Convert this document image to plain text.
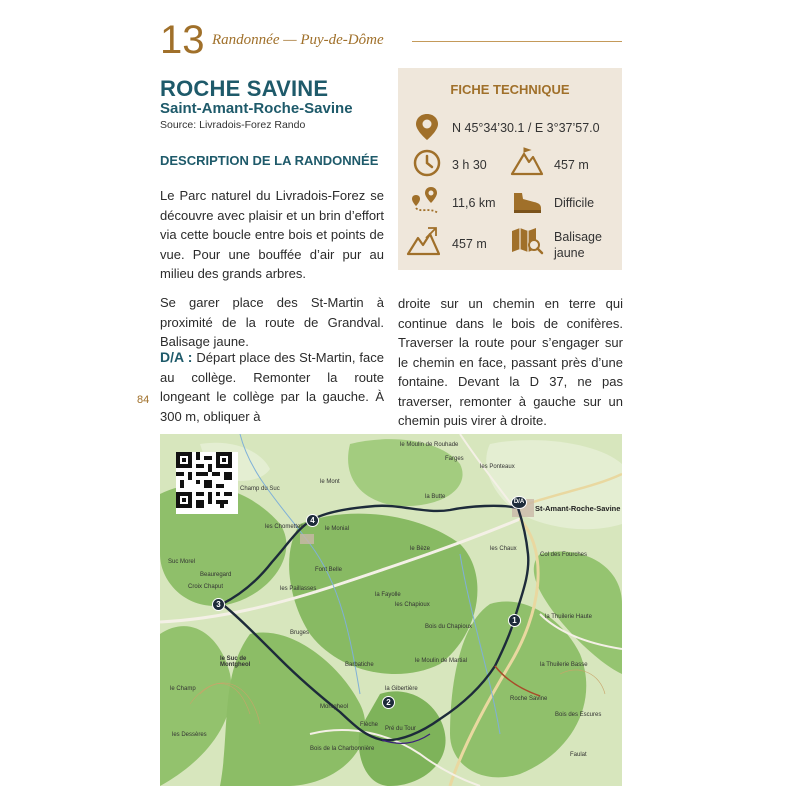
13 Randonnée — Puy-de-Dôme
ROCHE SAVINE
Saint-Amant-Roche-Savine
Source: Livradois-Forez Rando
DESCRIPTION DE LA RANDONNÉE
Le Parc naturel du Livradois-Forez se découvre avec plaisir et un brin d’effort via cette boucle entre bois et points de vue. Pour une bouffée d’air pur au milieu des grands arbres.
Se garer place des St-Martin à proximité de la route de Grandval. Balisage jaune.
D/A : Départ place des St-Martin, face au collège. Remonter la route longeant le collège par la gauche. À 300 m, obliquer à
droite sur un chemin en terre qui continue dans le bois de conifères. Traverser la route pour s’engager sur le chemin en face, passant près d’une fontaine. Devant la D 37, ne pas traverser, remonter à gauche sur un chemin puis virer à droite.
84
FICHE TECHNIQUE
N 45°34’30.1 / E 3°37’57.0
3 h 30	457 m
11,6 km	Difficile
457 m	Balisage jaune
D/A
1
2
3
4
St-Amant-Roche-Savine
le Moulin de Rouhade
Farges
les Ponteaux
Champ du Suc
le Mont
les Chomettes	le Monial
la Butte
Suc Morel
Beauregard
les Paillasses
Font Belle
le Bèze	les Chaux
la Fayolle
Col des Fourches
Croix Chaput
les Chapioux
Bois du Chapioux
la Thuilerie Haute
le Suc de Montgheol	Barbatiche
Bruges
le Moulin de Martial
la Gibertière
Roche Savine
Bois des Escures
la Thuilerie Basse
le Champ
les Dessères
Bois de la Charbonnière
Faulat
Flèche
Pré du Tour
Montgheol
